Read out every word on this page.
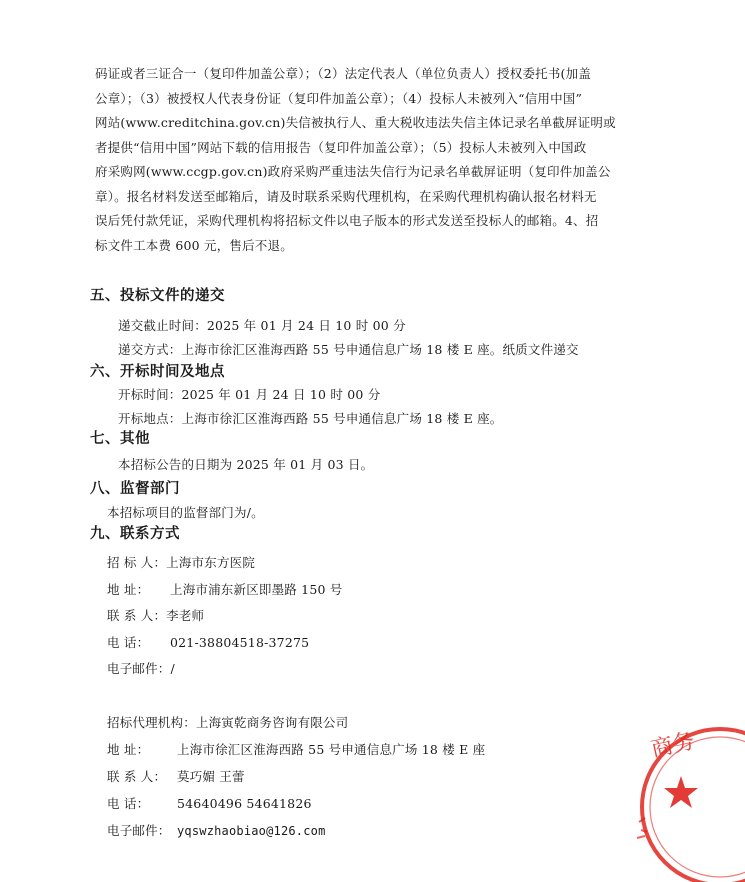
码证或者三证合一（复印件加盖公章）；（2）法定代表人（单位负责人）授权委托书(加盖
公章）；（3）被授权人代表身份证（复印件加盖公章）；（4）投标人未被列入“信用中国”
网站(www.creditchina.gov.cn)失信被执行人、重大税收违法失信主体记录名单截屏证明或
者提供“信用中国”网站下载的信用报告（复印件加盖公章）；（5）投标人未被列入中国政
府采购网(www.ccgp.gov.cn)政府采购严重违法失信行为记录名单截屏证明（复印件加盖公
章）。报名材料发送至邮箱后，请及时联系采购代理机构，在采购代理机构确认报名材料无
误后凭付款凭证，采购代理机构将招标文件以电子版本的形式发送至投标人的邮箱。4、招
标文件工本费 600 元，售后不退。
五、投标文件的递交
递交截止时间：2025 年 01 月 24 日 10 时 00 分
递交方式：上海市徐汇区淮海西路 55 号申通信息广场 18 楼 E 座。纸质文件递交
六、开标时间及地点
开标时间：2025 年 01 月 24 日 10 时 00 分
开标地点：上海市徐汇区淮海西路 55 号申通信息广场 18 楼 E 座。
七、其他
本招标公告的日期为 2025 年 01 月 03 日。
八、监督部门
本招标项目的监督部门为/。
九、联系方式
招 标 人：上海市东方医院
地 址： 上海市浦东新区即墨路 150 号
联 系 人：李老师
电 话： 021-38804518-37275
电子邮件：/
招标代理机构：上海寅乾商务咨询有限公司
地 址： 上海市徐汇区淮海西路 55 号申通信息广场 18 楼 E 座
联 系 人： 莫巧媚 王蕾
电 话： 54640496 54641826
电子邮件： yqswzhaobiao@126.com
商务
